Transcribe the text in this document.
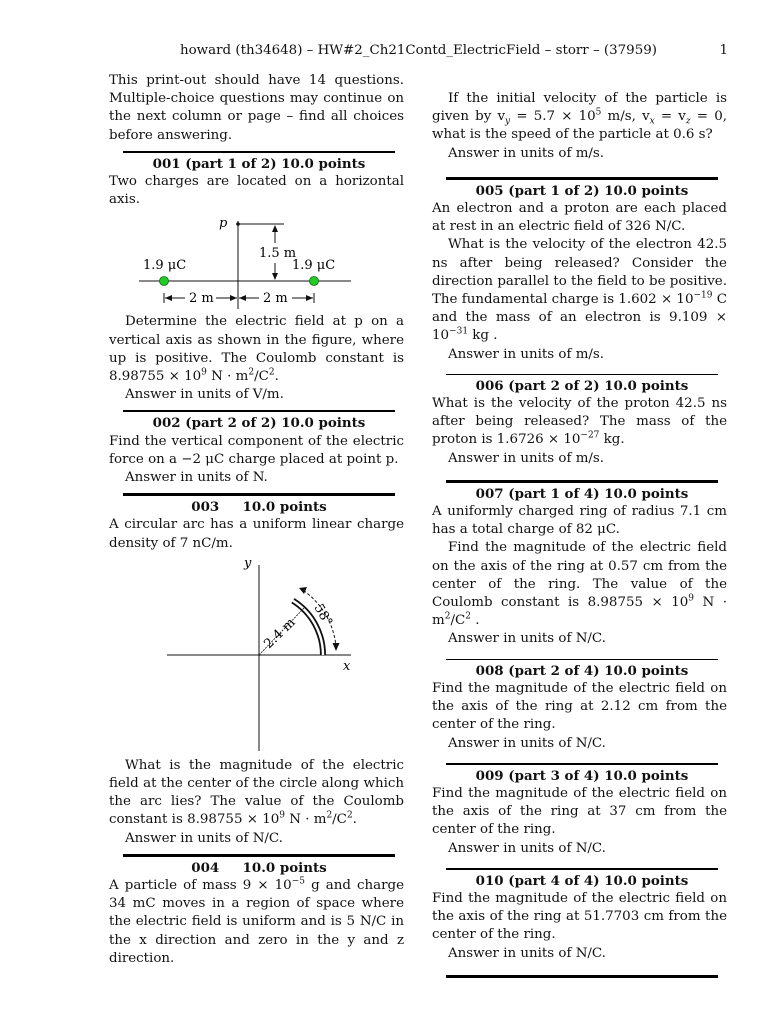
howard (th34648) – HW#2_Ch21Contd_ElectricField – storr – (37959)	1

This print-out should have 14 questions. Multiple-choice questions may continue on the next column or page – find all choices before answering.

001 (part 1 of 2) 10.0 points

Two charges are located on a horizontal axis.

p
1.5 m
1.9 μC	1.9 μC
2 m	2 m

Determine the electric field at p on a vertical axis as shown in the figure, where up is positive. The Coulomb constant is $8.98755 \times 10^9$ $N \cdot m^2/C^2$.

Answer in units of V/m.

002 (part 2 of 2) 10.0 points

Find the vertical component of the electric force on a −2 μC charge placed at point p.

Answer in units of N.

003     10.0 points

A circular arc has a uniform linear charge density of 7 nC/m.

y
x
2.4 m
58°

What is the magnitude of the electric field at the center of the circle along which the arc lies? The value of the Coulomb constant is $8.98755 \times 10^9$ $N \cdot m^2/C^2$.

Answer in units of N/C.

004     10.0 points

A particle of mass $9 \times 10^{-5}$ g and charge 34 mC moves in a region of space where the electric field is uniform and is 5 N/C in the x direction and zero in the y and z direction.

If the initial velocity of the particle is given by $v_y = 5.7 \times 10^5$ m/s, $v_x = v_z = 0$, what is the speed of the particle at 0.6 s?

Answer in units of m/s.

005 (part 1 of 2) 10.0 points

An electron and a proton are each placed at rest in an electric field of 326 N/C.

What is the velocity of the electron 42.5 ns after being released? Consider the direction parallel to the field to be positive. The fundamental charge is $1.602 \times 10^{-19}$ C and the mass of an electron is $9.109 \times 10^{-31}$ kg .

Answer in units of m/s.

006 (part 2 of 2) 10.0 points

What is the velocity of the proton 42.5 ns after being released? The mass of the proton is $1.6726 \times 10^{-27}$ kg.

Answer in units of m/s.

007 (part 1 of 4) 10.0 points

A uniformly charged ring of radius 7.1 cm has a total charge of 82 μC.

Find the magnitude of the electric field on the axis of the ring at 0.57 cm from the center of the ring. The value of the Coulomb constant is $8.98755 \times 10^9$ $N \cdot m^2/C^2$ .

Answer in units of N/C.

008 (part 2 of 4) 10.0 points

Find the magnitude of the electric field on the axis of the ring at 2.12 cm from the center of the ring.

Answer in units of N/C.

009 (part 3 of 4) 10.0 points

Find the magnitude of the electric field on the axis of the ring at 37 cm from the center of the ring.

Answer in units of N/C.

010 (part 4 of 4) 10.0 points

Find the magnitude of the electric field on the axis of the ring at 51.7703 cm from the center of the ring.

Answer in units of N/C.
